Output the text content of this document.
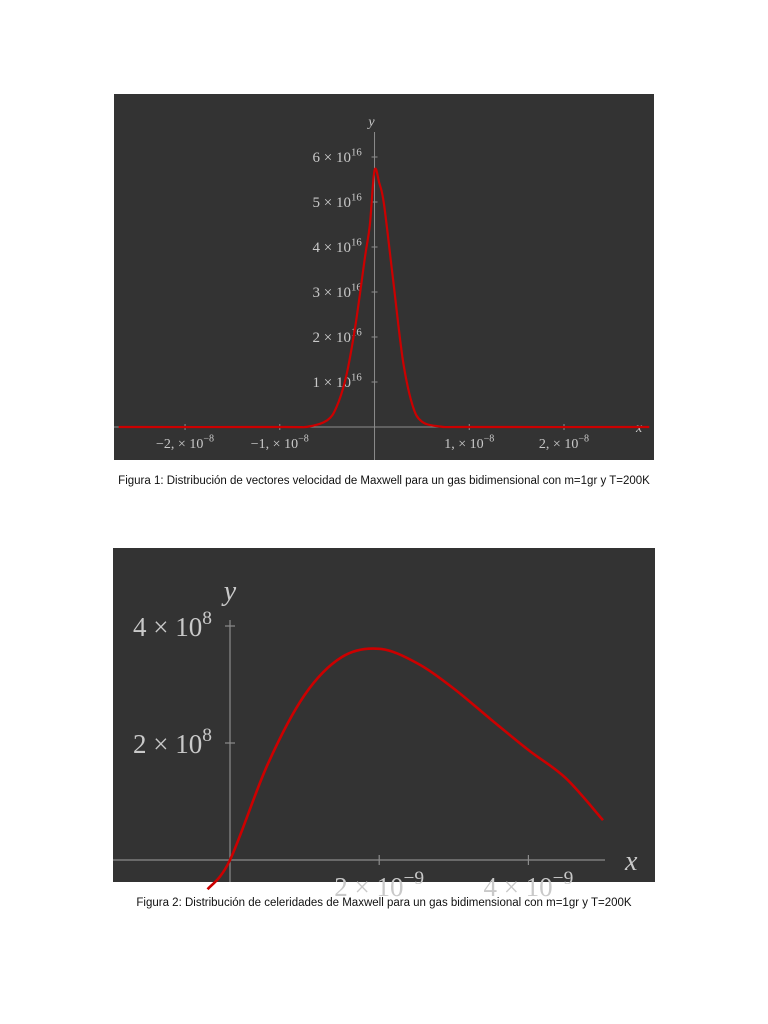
x
y
$1 \times 10^{16}$
$2 \times 10^{16}$
$3 \times 10^{16}$
$4 \times 10^{16}$
$5 \times 10^{16}$
$6 \times 10^{16}$
−2, × $10^{-8}$	−1, × $10^{-8}$	1, × $10^{-8}$	2, × $10^{-8}$
Figura 1: Distribución de vectores velocidad de Maxwell para un gas bidimensional con m=1gr y T=200K
x
y
$2 \times 10^8$
$4 \times 10^8$
$2 \times 10^{-9}$ $4 \times 10^{-9}$
Figura 2: Distribución de celeridades de Maxwell para un gas bidimensional con m=1gr y T=200K
